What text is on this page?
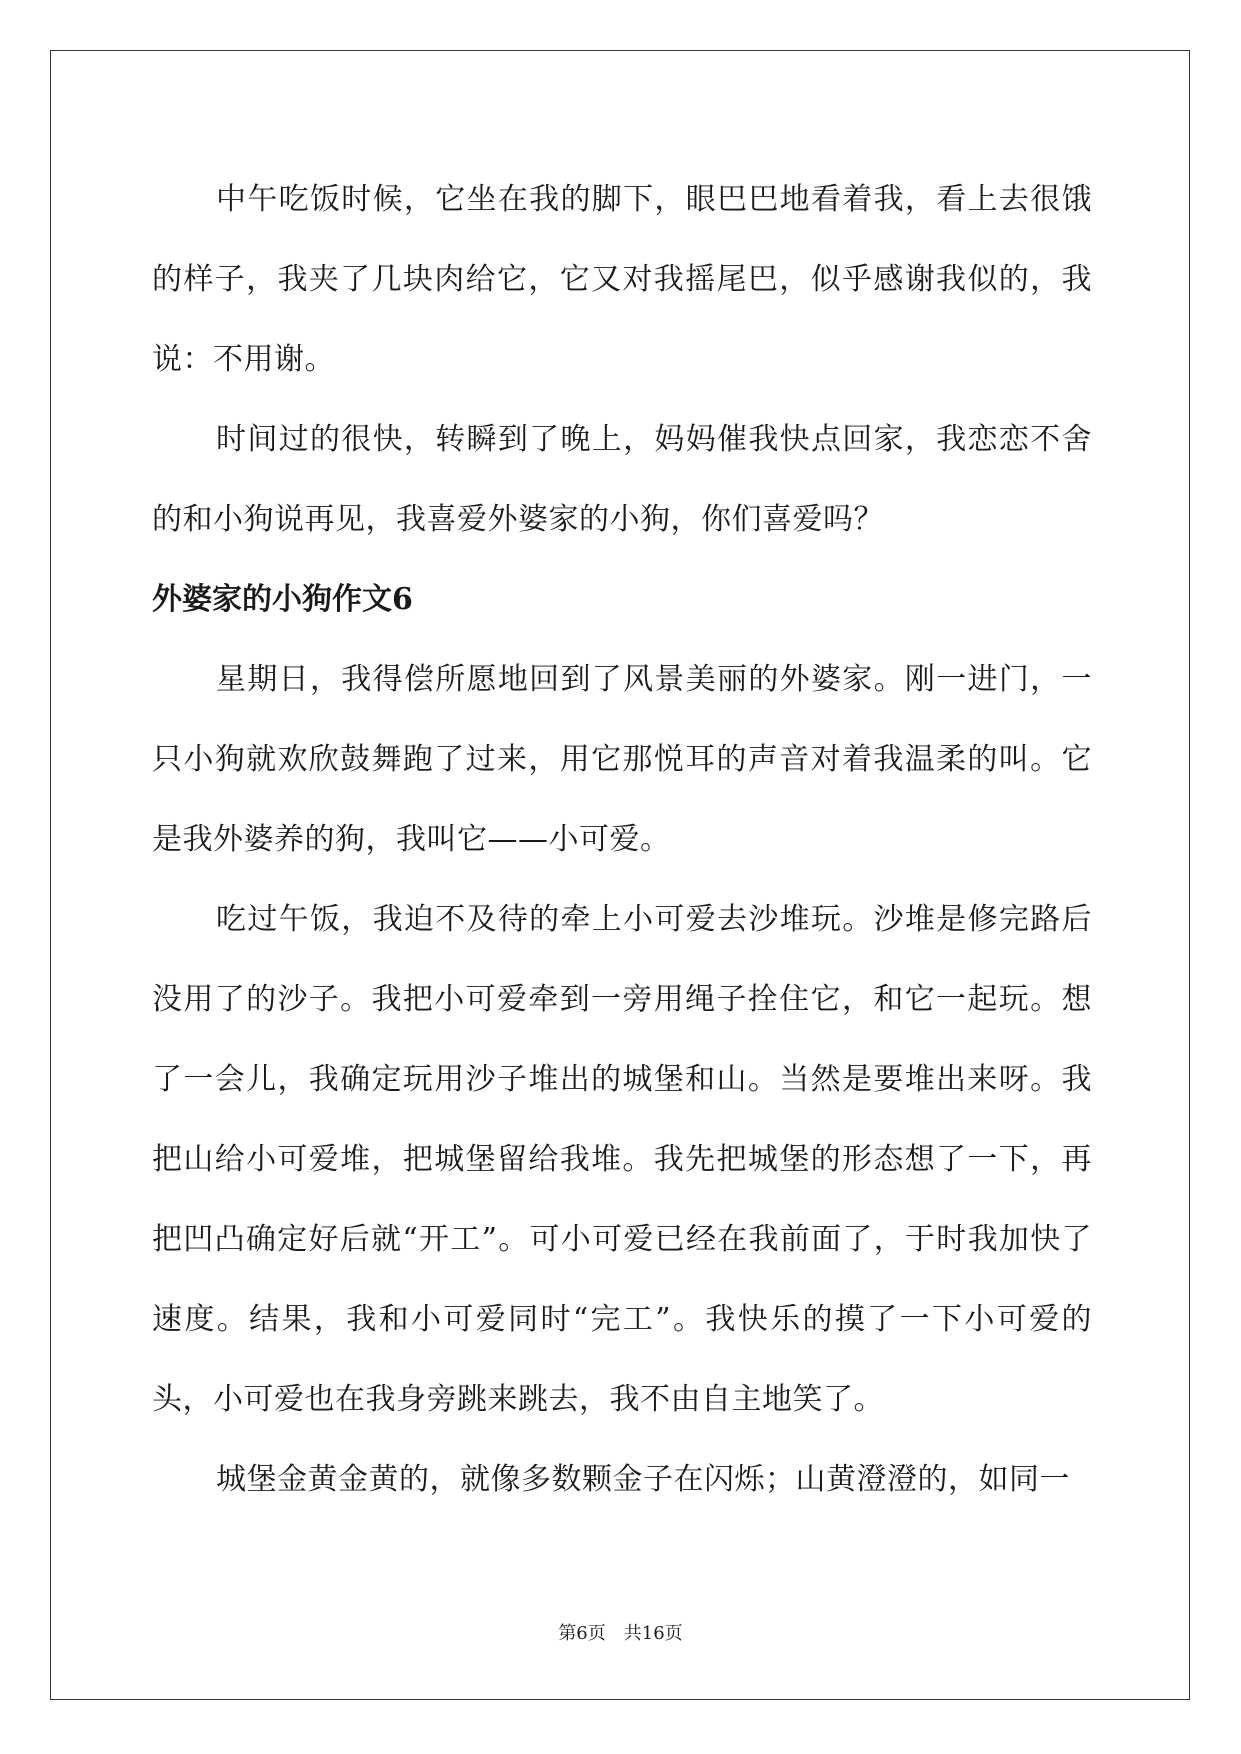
中午吃饭时候，它坐在我的脚下，眼巴巴地看着我，看上去很饿的样子，我夹了几块肉给它，它又对我摇尾巴，似乎感谢我似的，我说：不用谢。

时间过的很快，转瞬到了晚上，妈妈催我快点回家，我恋恋不舍的和小狗说再见，我喜爱外婆家的小狗，你们喜爱吗？

外婆家的小狗作文6

星期日，我得偿所愿地回到了风景美丽的外婆家。刚一进门，一只小狗就欢欣鼓舞跑了过来，用它那悦耳的声音对着我温柔的叫。它是我外婆养的狗，我叫它——小可爱。

吃过午饭，我迫不及待的牵上小可爱去沙堆玩。沙堆是修完路后没用了的沙子。我把小可爱牵到一旁用绳子拴住它，和它一起玩。想了一会儿，我确定玩用沙子堆出的城堡和山。当然是要堆出来呀。我把山给小可爱堆，把城堡留给我堆。我先把城堡的形态想了一下，再把凹凸确定好后就“开工”。可小可爱已经在我前面了，于时我加快了速度。结果，我和小可爱同时“完工”。我快乐的摸了一下小可爱的头，小可爱也在我身旁跳来跳去，我不由自主地笑了。

城堡金黄金黄的，就像多数颗金子在闪烁；山黄澄澄的，如同一

第6页 共16页
